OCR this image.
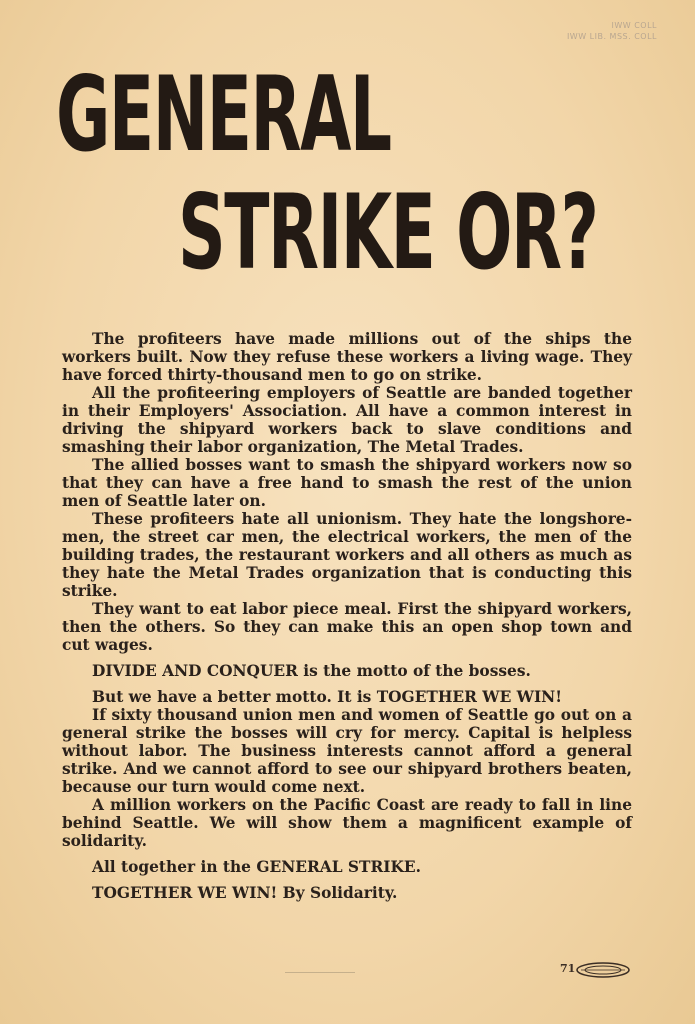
IWW COLL
IWW LIB. MSS. COLL
GENERAL
STRIKE OR?

The profiteers have made millions out of the ships the workers built. Now they refuse these workers a living wage. They have forced thirty-thousand men to go on strike.

All the profiteering employers of Seattle are banded together in their Employers' Association. All have a common interest in driving the shipyard workers back to slave conditions and smashing their labor organization, The Metal Trades.

The allied bosses want to smash the shipyard workers now so that they can have a free hand to smash the rest of the union men of Seattle later on.

These profiteers hate all unionism. They hate the longshore-men, the street car men, the electrical workers, the men of the building trades, the restaurant workers and all others as much as they hate the Metal Trades organization that is conducting this strike.

They want to eat labor piece meal. First the shipyard workers, then the others. So they can make this an open shop town and cut wages.

DIVIDE AND CONQUER is the motto of the bosses.

But we have a better motto. It is TOGETHER WE WIN!

If sixty thousand union men and women of Seattle go out on a general strike the bosses will cry for mercy. Capital is helpless without labor. The business interests cannot afford a general strike. And we cannot afford to see our shipyard brothers beaten, because our turn would come next.

A million workers on the Pacific Coast are ready to fall in line behind Seattle. We will show them a magnificent example of solidarity.

All together in the GENERAL STRIKE.

TOGETHER WE WIN! By Solidarity.

71
